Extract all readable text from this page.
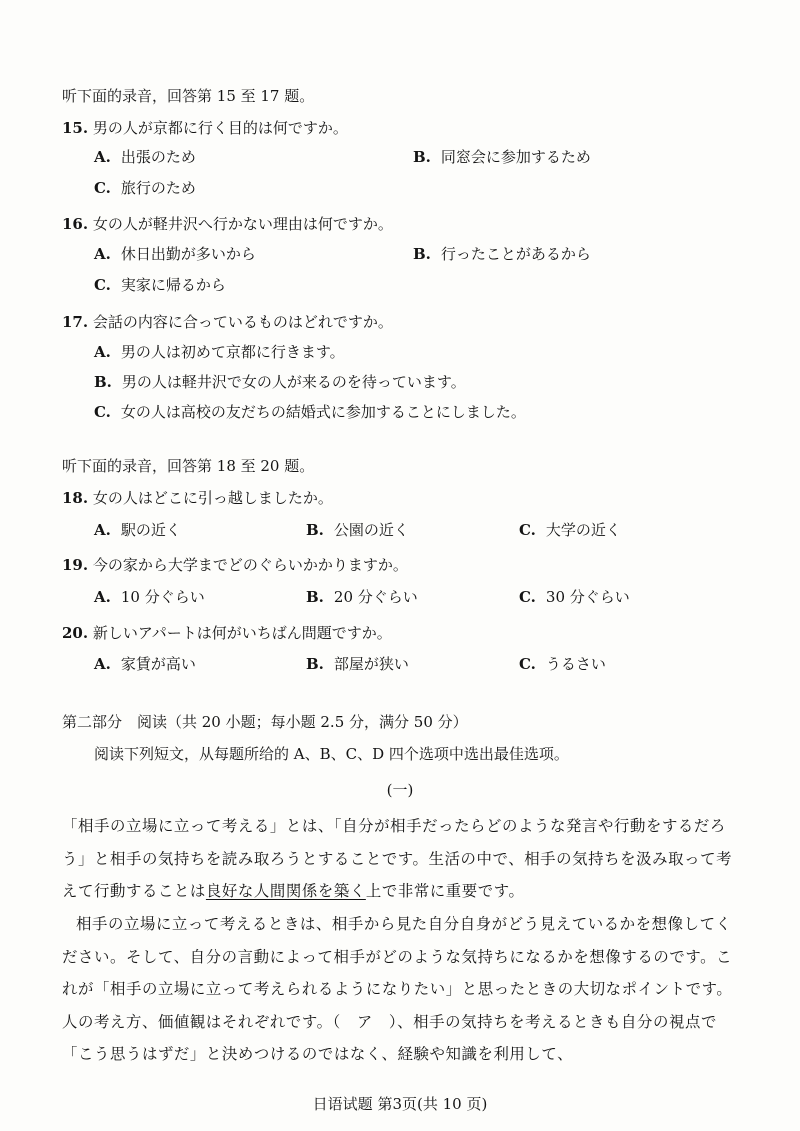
听下面的录音，回答第 15 至 17 题。
15. 男の人が京都に行く目的は何ですか。
A. 出張のため	B. 同窓会に参加するため
C. 旅行のため
16. 女の人が軽井沢へ行かない理由は何ですか。
A. 休日出勤が多いから	B. 行ったことがあるから
C. 実家に帰るから
17. 会話の内容に合っているものはどれですか。
A. 男の人は初めて京都に行きます。
B. 男の人は軽井沢で女の人が来るのを待っています。
C. 女の人は高校の友だちの結婚式に参加することにしました。
听下面的录音，回答第 18 至 20 题。
18. 女の人はどこに引っ越しましたか。
A. 駅の近く	B. 公園の近く	C. 大学の近く
19. 今の家から大学までどのぐらいかかりますか。
A. 10 分ぐらい	B. 20 分ぐらい	C. 30 分ぐらい
20. 新しいアパートは何がいちばん問題ですか。
A. 家賃が高い	B. 部屋が狭い	C. うるさい
第二部分　阅读（共 20 小题；每小题 2.5 分，满分 50 分）
阅读下列短文，从每题所给的 A、B、C、D 四个选项中选出最佳选项。
(一)
「相手の立場に立って考える」とは、「自分が相手だったらどのような発言や行動をするだろう」と相手の気持ちを読み取ろうとすることです。生活の中で、相手の気持ちを汲み取って考えて行動することは良好な人間関係を築く上で非常に重要です。
相手の立場に立って考えるときは、相手から見た自分自身がどう見えているかを想像してください。そして、自分の言動によって相手がどのような気持ちになるかを想像するのです。これが「相手の立場に立って考えられるようになりたい」と思ったときの大切なポイントです。人の考え方、価値観はそれぞれです。（　ア　）、相手の気持ちを考えるときも自分の視点で「こう思うはずだ」と決めつけるのではなく、経験や知識を利用して、
日语试题 第3页(共 10 页)
